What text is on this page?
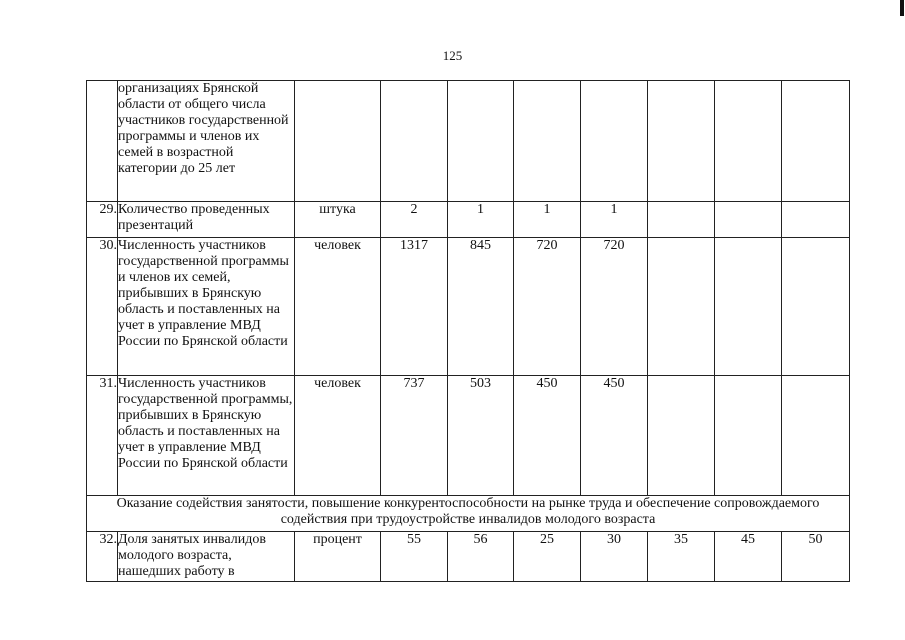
125
	организациях Брянской области от общего числа участников государственной программы и членов их семей в возрастной категории до 25 лет								
29.	Количество проведенных презентаций	штука	2	1	1	1			
30.	Численность участников государственной программы и членов их семей, прибывших в Брянскую область и поставленных на учет в управление МВД России по Брянской области	человек	1317	845	720	720			
31.	Численность участников государственной программы, прибывших в Брянскую область и поставленных на учет в управление МВД России по Брянской области	человек	737	503	450	450			
Оказание содействия занятости, повышение конкурентоспособности на рынке труда и обеспечение сопровождаемого содействия при трудоустройстве инвалидов молодого возраста									
32.	Доля занятых инвалидов молодого возраста, нашедших работу в	процент	55	56	25	30	35	45	50
